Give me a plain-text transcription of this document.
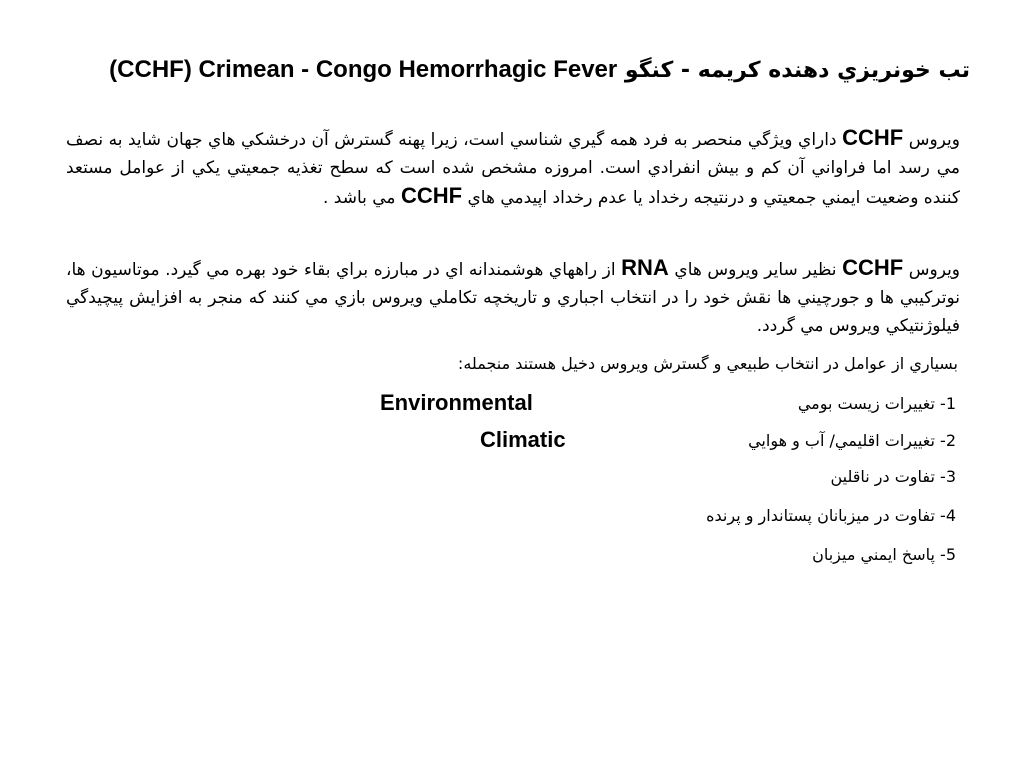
تب خونريزي دهنده كريمه - كنگو CCHF) Crimean - Congo Hemorrhagic Fever)
ويروس CCHF داراي ويژگي منحصر به فرد همه گيري شناسي است، زيرا پهنه گسترش آن درخشكي هاي جهان شايد به نصف مي رسد اما فراواني آن كم و بيش انفرادي است. امروزه مشخص شده است كه سطح تغذيه جمعيتي يكي از عوامل مستعد كننده وضعيت ايمني جمعيتي و درنتيجه رخداد يا عدم رخداد اپيدمي هاي CCHF مي باشد .
ويروس CCHF نظير ساير ويروس هاي RNA از راههاي هوشمندانه اي در مبارزه براي بقاء خود بهره مي گيرد. موتاسيون ها، نوتركيبي ها و جورچيني ها نقش خود را در انتخاب اجباري و تاريخچه تكاملي ويروس بازي مي كنند كه منجر به افزايش پيچيدگي فيلوژنتيكي ويروس مي گردد.
بسياري از عوامل در انتخاب طبيعي و گسترش ويروس دخيل هستند منجمله:
1- تغييرات زيست بومي
Environmental
2- تغييرات اقليمي/ آب و هوايي
Climatic
3- تفاوت در ناقلين
4- تفاوت در ميزبانان پستاندار و پرنده
5- پاسخ ايمني ميزبان
